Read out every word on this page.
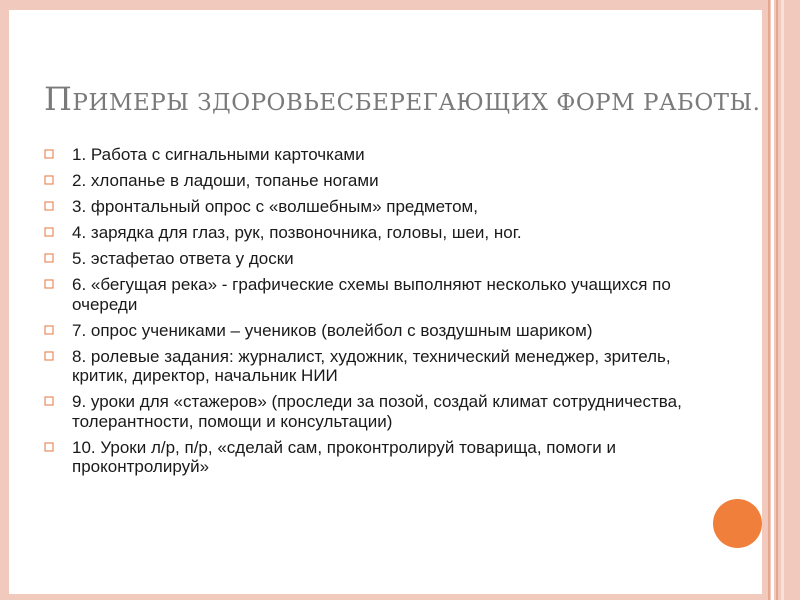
ПРИМЕРЫ ЗДОРОВЬЕСБЕРЕГАЮЩИХ ФОРМ РАБОТЫ.
1. Работа с сигнальными карточками
2. хлопанье в ладоши, топанье ногами
3. фронтальный опрос с «волшебным» предметом,
4. зарядка для глаз, рук, позвоночника, головы, шеи, ног.
5. эстафетао ответа у доски
6. «бегущая река» - графические схемы выполняют несколько учащихся по очереди
7. опрос учениками – учеников (волейбол с воздушным шариком)
8. ролевые задания: журналист, художник, технический менеджер, зритель, критик, директор, начальник НИИ
9. уроки для «стажеров» (проследи за позой, создай климат сотрудничества, толерантности, помощи и консультации)
10. Уроки л/р, п/р, «сделай сам, проконтролируй товарища, помоги и проконтролируй»
